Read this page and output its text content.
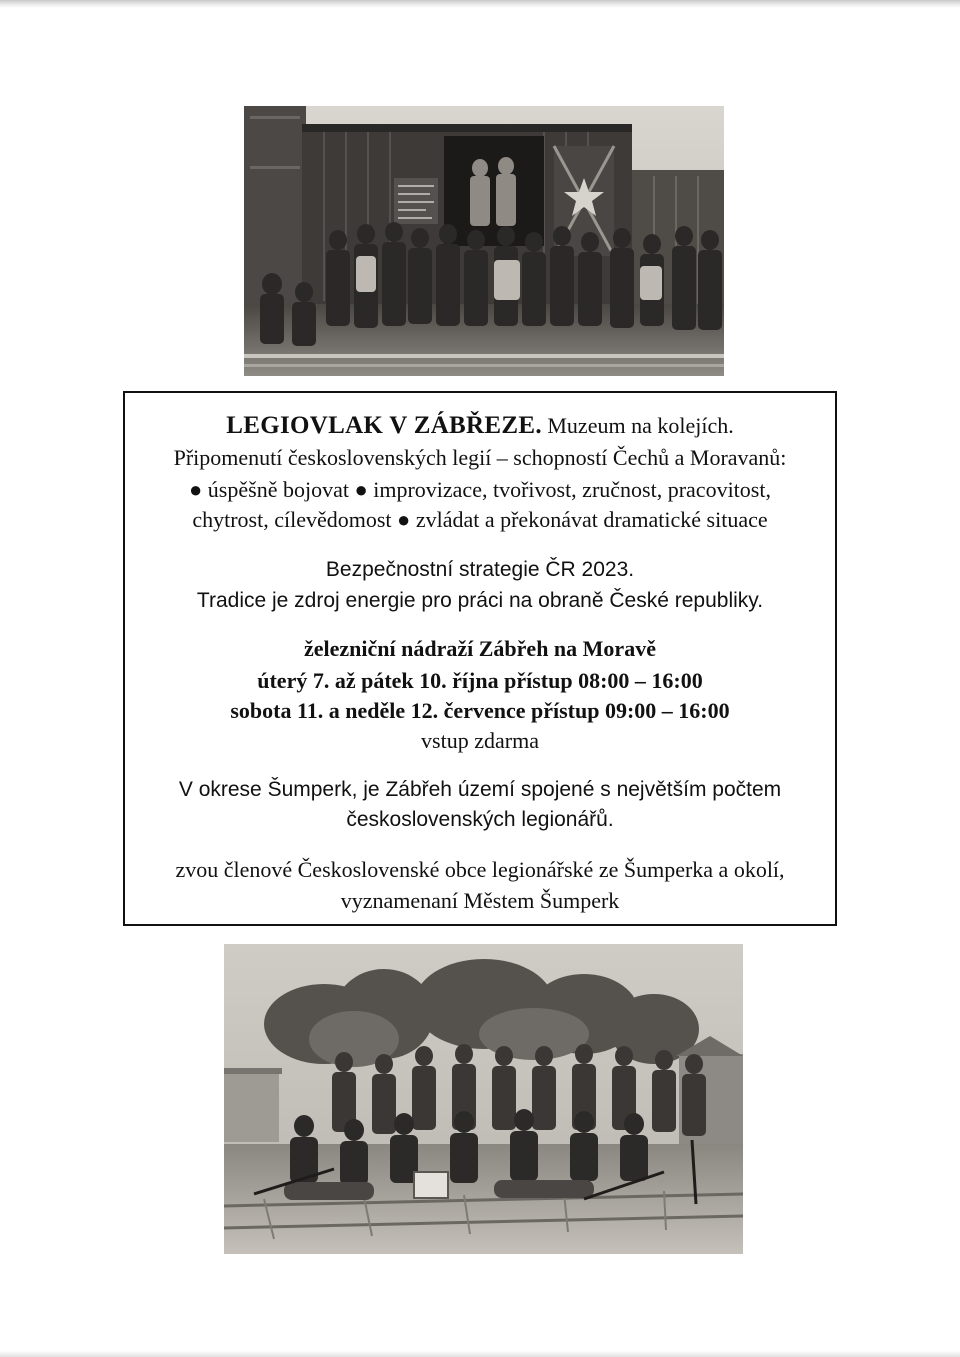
LEGIOVLAK V ZÁBŘEZE. Muzeum na kolejích.
Připomenutí československých legií – schopností Čechů a Moravanů:
● úspěšně bojovat ● improvizace, tvořivost, zručnost, pracovitost,
chytrost, cílevědomost ● zvládat a překonávat dramatické situace
Bezpečnostní strategie ČR 2023.
Tradice je zdroj energie pro práci na obraně České republiky.
železniční nádraží Zábřeh na Moravě
úterý 7. až pátek 10. října přístup 08:00 – 16:00
sobota 11. a neděle 12. července přístup 09:00 – 16:00
vstup zdarma
V okrese Šumperk, je Zábřeh území spojené s největším počtem
československých legionářů.
zvou členové Československé obce legionářské ze Šumperka a okolí,
vyznamenaní Městem Šumperk
